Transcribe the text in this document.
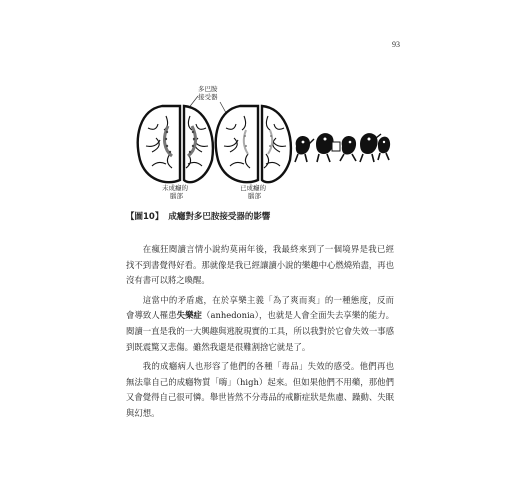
93
多巴胺
接受器
未成癮的
腦部
已成癮的
腦部
【圖10】 成癮對多巴胺接受器的影響

在瘋狂閱讀言情小說約莫兩年後，我最終來到了一個境界是我已經找不到書覺得好看。那就像是我已經讓讀小說的樂趣中心燃燒殆盡，再也沒有書可以將之喚醒。

這當中的矛盾處，在於享樂主義「為了爽而爽」的一種態度，反而會導致人罹患失樂症（anhedonia），也就是人會全面失去享樂的能力。閱讀一直是我的一大興趣與逃脫現實的工具，所以我對於它會失效一事感到既震驚又悲傷。雖然我還是很難割捨它就是了。

我的成癮病人也形容了他們的各種「毒品」失效的感受。他們再也無法靠自己的成癮物質「嗨」（high）起來。但如果他們不用藥，那他們又會覺得自己很可憐。舉世皆然不分毒品的戒斷症狀是焦慮、躁動、失眠與幻想。
